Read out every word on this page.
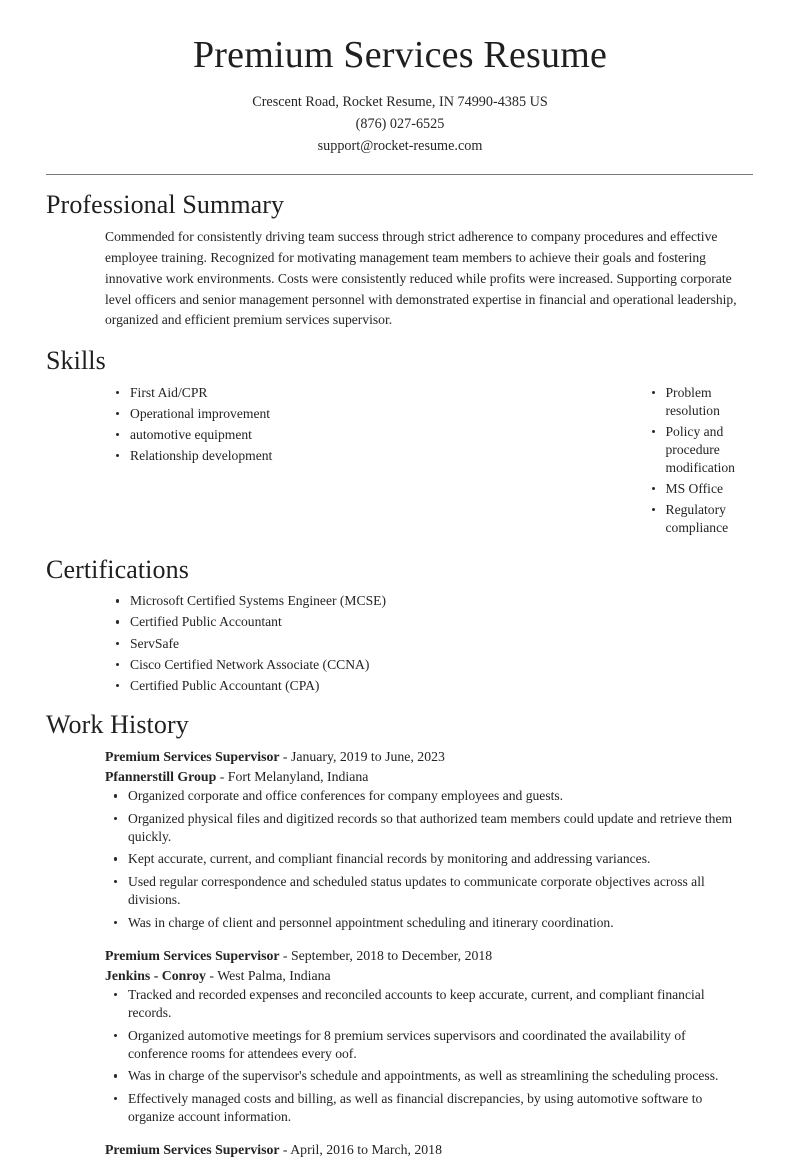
Premium Services Resume

Crescent Road, Rocket Resume, IN 74990-4385 US

(876) 027-6525

support@rocket-resume.com

Professional Summary

Commended for consistently driving team success through strict adherence to company procedures and effective employee training. Recognized for motivating management team members to achieve their goals and fostering innovative work environments. Costs were consistently reduced while profits were increased. Supporting corporate level officers and senior management personnel with demonstrated expertise in financial and operational leadership, organized and efficient premium services supervisor.

Skills
First Aid/CPR
Operational improvement
automotive equipment
Relationship development
Problem resolution
Policy and procedure modification
MS Office
Regulatory compliance
Certifications
Microsoft Certified Systems Engineer (MCSE)
Certified Public Accountant
ServSafe
Cisco Certified Network Associate (CCNA)
Certified Public Accountant (CPA)
Work History
Premium Services Supervisor - January, 2019 to June, 2023
Pfannerstill Group - Fort Melanyland, Indiana
Organized corporate and office conferences for company employees and guests.
Organized physical files and digitized records so that authorized team members could update and retrieve them quickly.
Kept accurate, current, and compliant financial records by monitoring and addressing variances.
Used regular correspondence and scheduled status updates to communicate corporate objectives across all divisions.
Was in charge of client and personnel appointment scheduling and itinerary coordination.
Premium Services Supervisor - September, 2018 to December, 2018
Jenkins - Conroy - West Palma, Indiana
Tracked and recorded expenses and reconciled accounts to keep accurate, current, and compliant financial records.
Organized automotive meetings for 8 premium services supervisors and coordinated the availability of conference rooms for attendees every oof.
Was in charge of the supervisor's schedule and appointments, as well as streamlining the scheduling process.
Effectively managed costs and billing, as well as financial discrepancies, by using automotive software to organize account information.
Premium Services Supervisor - April, 2016 to March, 2018
